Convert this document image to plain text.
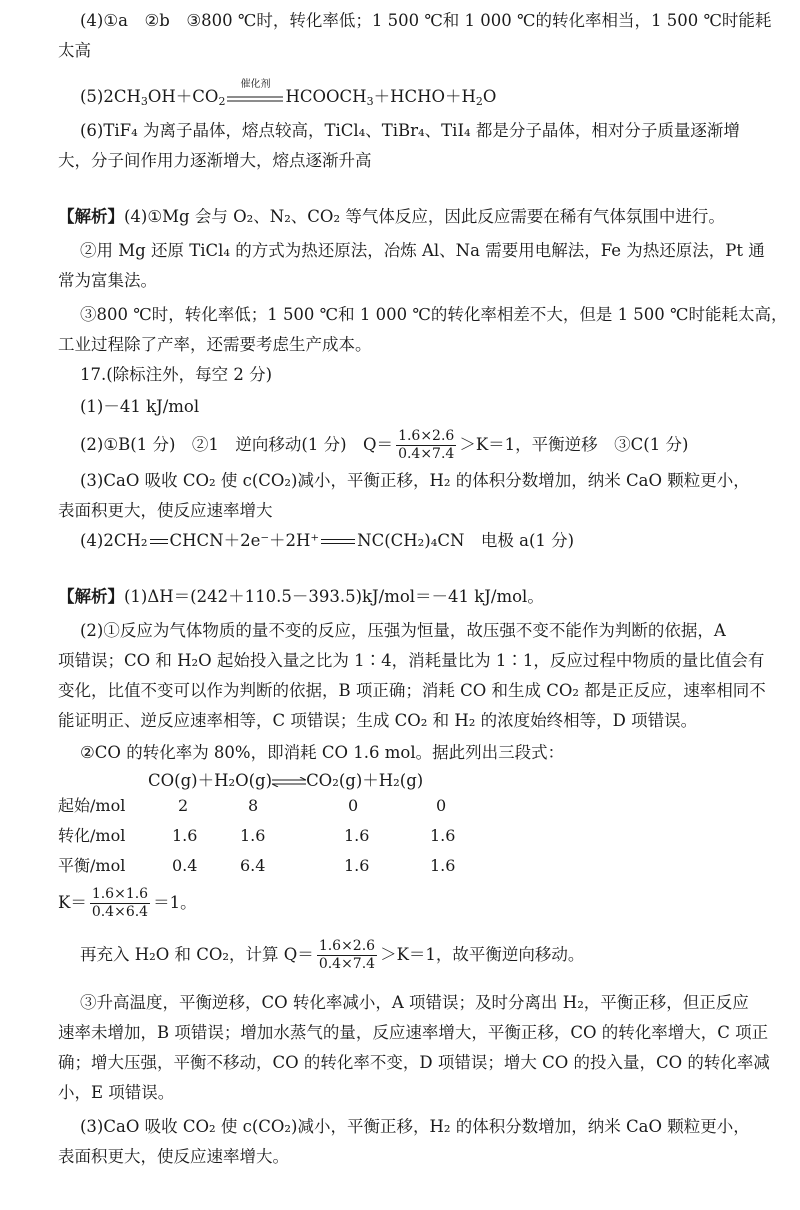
(4)①a　②b　③800 ℃时，转化率低；1 500 ℃和 1 000 ℃的转化率相当，1 500 ℃时能耗
太高
$(5)2CH_3OH+CO_2$
催化剂
$HCOOCH_3+HCHO+H_2O$
(6)TiF₄ 为离子晶体，熔点较高，TiCl₄、TiBr₄、TiI₄ 都是分子晶体，相对分子质量逐渐增
大，分子间作用力逐渐增大，熔点逐渐升高
【解析】(4)①Mg 会与 O₂、N₂、CO₂ 等气体反应，因此反应需要在稀有气体氛围中进行。
②用 Mg 还原 TiCl₄ 的方式为热还原法，冶炼 Al、Na 需要用电解法，Fe 为热还原法，Pt 通
常为富集法。
③800 ℃时，转化率低；1 500 ℃和 1 000 ℃的转化率相差不大，但是 1 500 ℃时能耗太高，
工业过程除了产率，还需要考虑生产成本。
17.(除标注外，每空 2 分)
(1)－41 kJ/mol
(2)①B(1 分)　②1　逆向移动(1 分)　$Q= \frac{1.6\times 2.6}{0.4\times 7.4} >K=1$，平衡逆移　③C(1 分)
(3)CaO 吸收 CO₂ 使 c(CO₂)减小，平衡正移，H₂ 的体积分数增加，纳米 CaO 颗粒更小，
表面积更大，使反应速率增大
(4)2CH₂ CHCN＋2e⁻＋2H⁺ NC(CH₂)₄CN　电极 a(1 分)
【解析】(1)ΔH＝(242＋110.5－393.5)kJ/mol＝－41 kJ/mol。
(2)①反应为气体物质的量不变的反应，压强为恒量，故压强不变不能作为判断的依据，A
项错误；CO 和 H₂O 起始投入量之比为 1∶4，消耗量比为 1∶1，反应过程中物质的量比值会有
变化，比值不变可以作为判断的依据，B 项正确；消耗 CO 和生成 CO₂ 都是正反应，速率相同不
能证明正、逆反应速率相等，C 项错误；生成 CO₂ 和 H₂ 的浓度始终相等，D 项错误。
②CO 的转化率为 80%，即消耗 CO 1.6 mol。据此列出三段式：
CO(g)＋H₂O(g)⇌CO₂(g)＋H₂(g)
起始/mol	2	8	0	0
转化/mol	1.6	1.6	1.6	1.6
平衡/mol	0.4	6.4	1.6	1.6
$K= \frac{1.6\times 1.6}{0.4\times 6.4} =1$。
再充入 H₂O 和 CO₂，计算 $Q= \frac{1.6\times 2.6}{0.4\times 7.4} >K=1$，故平衡逆向移动。
③升高温度，平衡逆移，CO 转化率减小，A 项错误；及时分离出 H₂，平衡正移，但正反应
速率未增加，B 项错误；增加水蒸气的量，反应速率增大，平衡正移，CO 的转化率增大，C 项正
确；增大压强，平衡不移动，CO 的转化率不变，D 项错误；增大 CO 的投入量，CO 的转化率减
小，E 项错误。
(3)CaO 吸收 CO₂ 使 c(CO₂)减小，平衡正移，H₂ 的体积分数增加，纳米 CaO 颗粒更小，
表面积更大，使反应速率增大。
